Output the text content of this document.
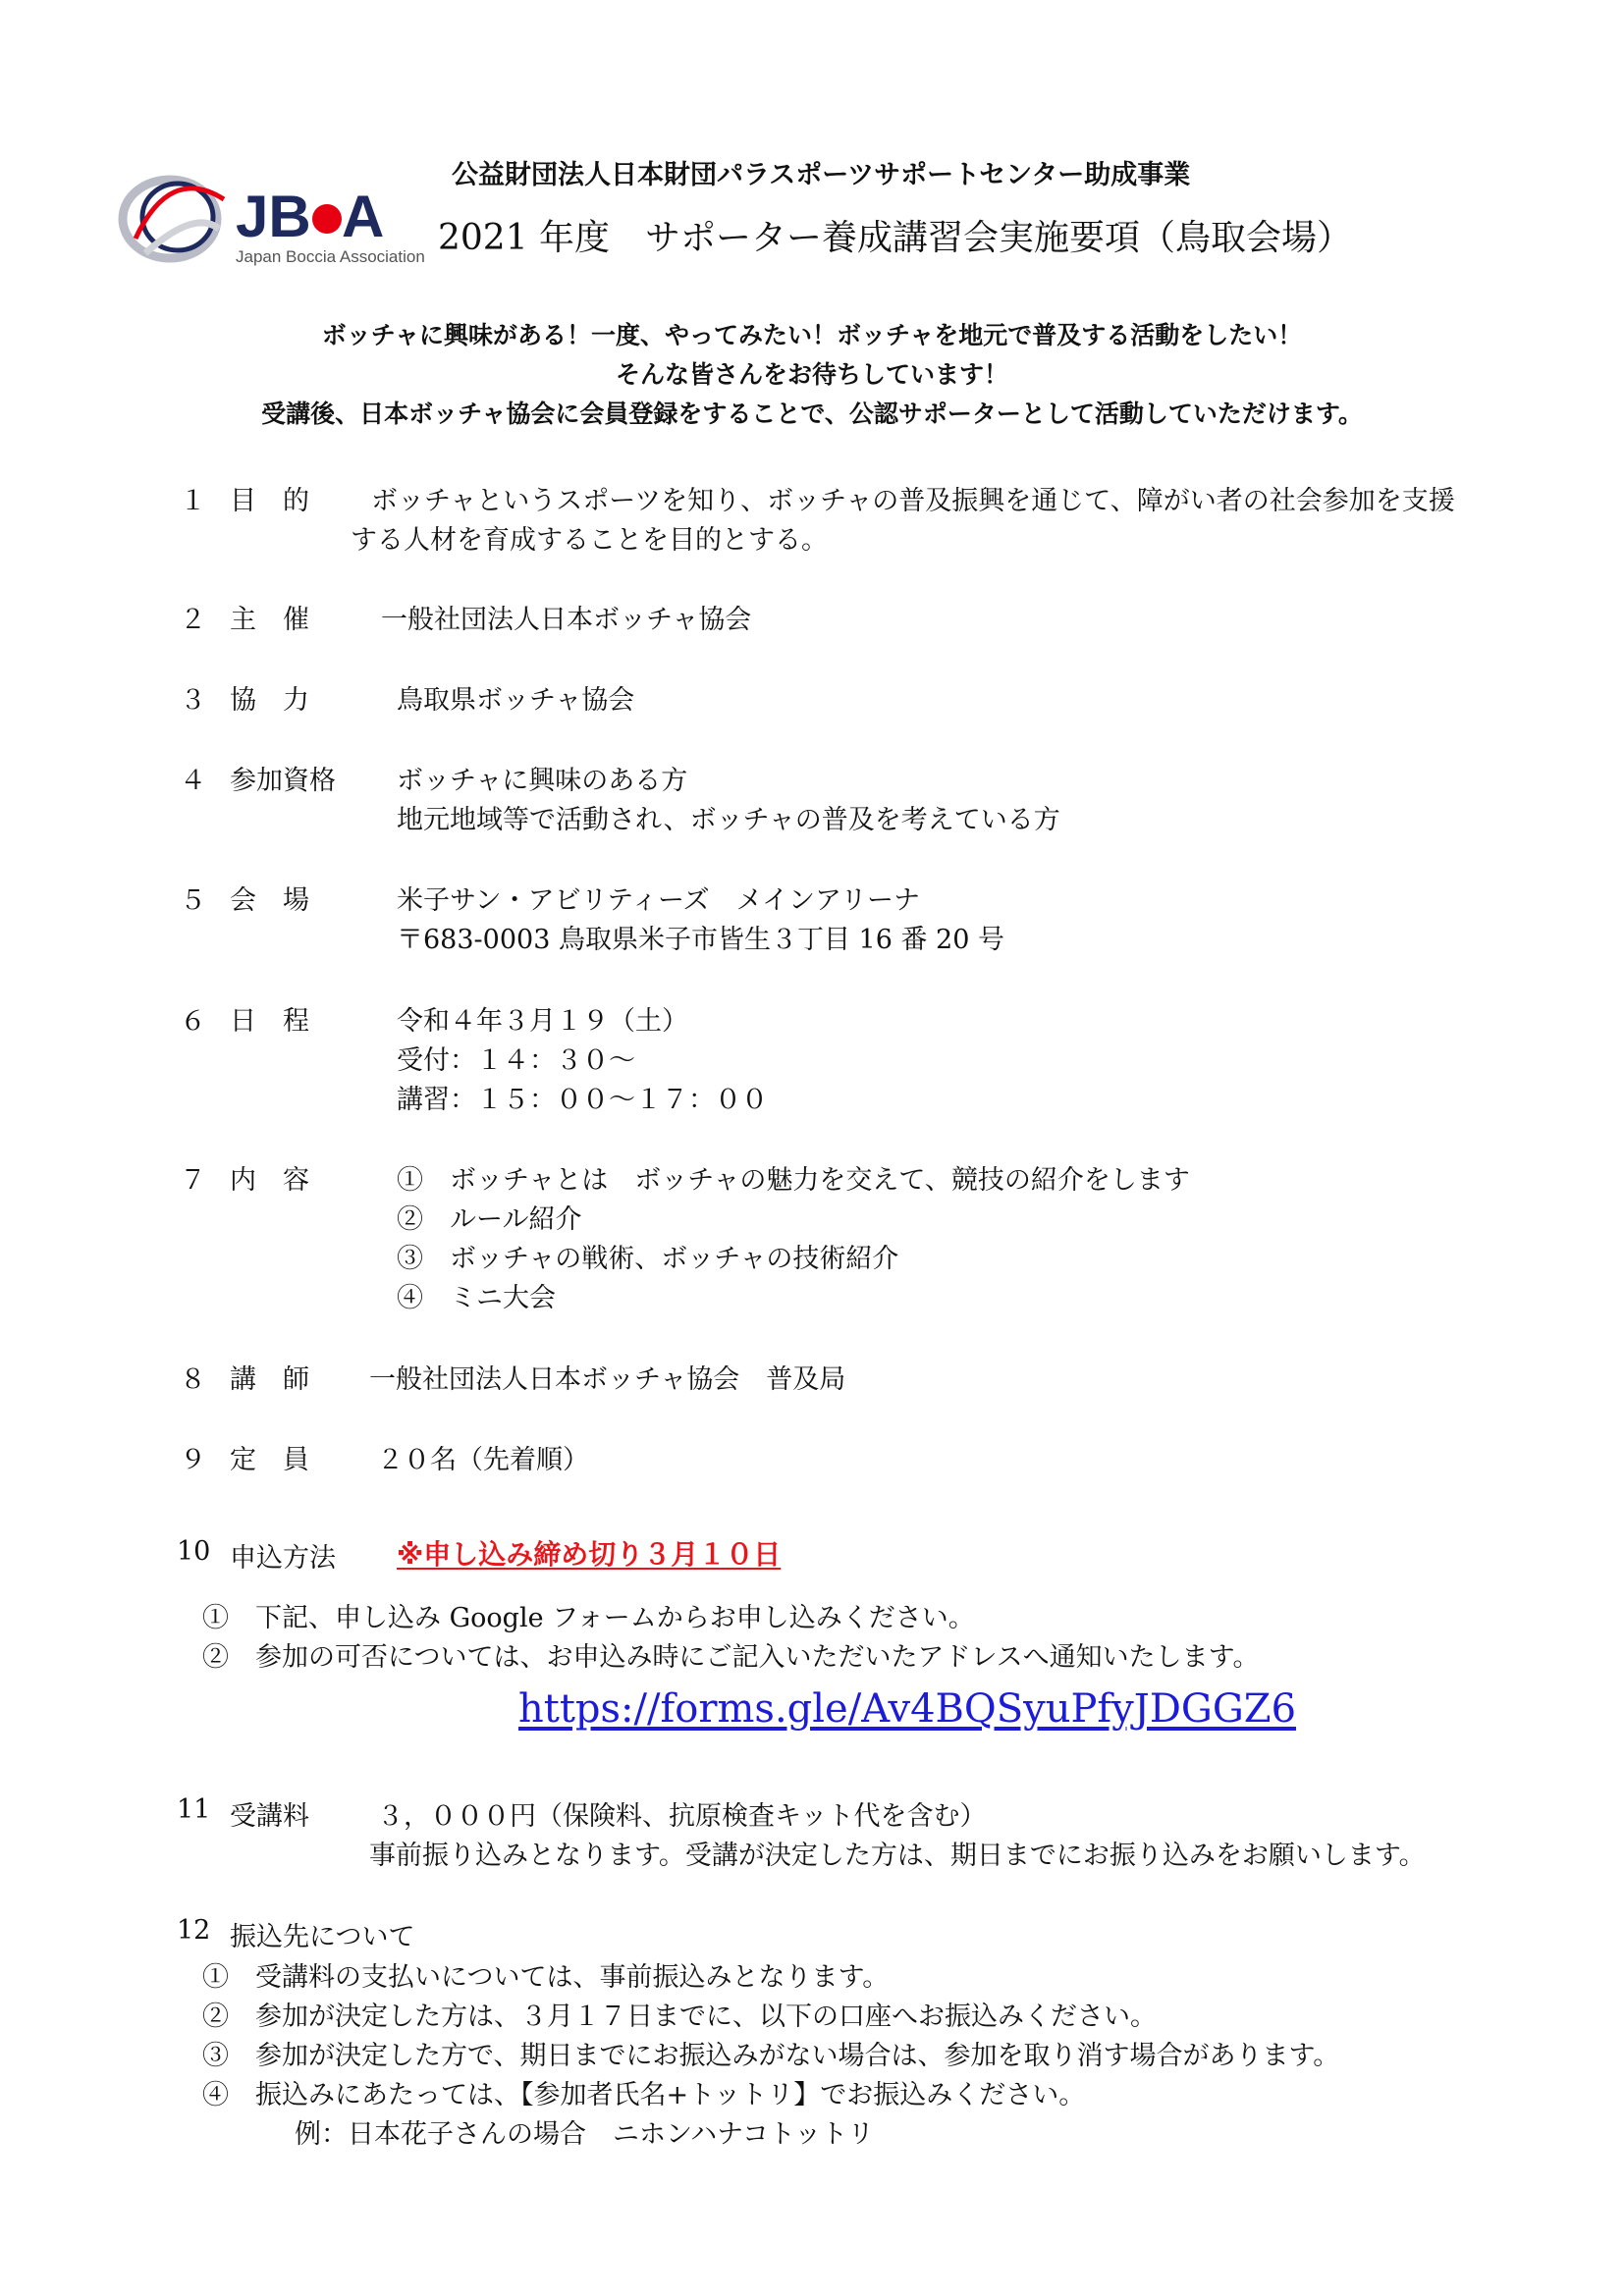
JB A
Japan Boccia Association
公益財団法人日本財団パラスポーツサポートセンター助成事業
2021 年度　サポーター養成講習会実施要項（鳥取会場）
ボッチャに興味がある！一度、やってみたい！ボッチャを地元で普及する活動をしたい！
そんな皆さんをお待ちしています！
受講後、日本ボッチャ協会に会員登録をすることで、公認サポーターとして活動していただけます。
１ 目　的 ボッチャというスポーツを知り、ボッチャの普及振興を通じて、障がい者の社会参加を支援
する人材を育成することを目的とする。
２ 主　催	一般社団法人日本ボッチャ協会
３ 協　力	鳥取県ボッチャ協会
４ 参加資格 ボッチャに興味のある方
地元地域等で活動され、ボッチャの普及を考えている方
５ 会　場	米子サン・アビリティーズ　メインアリーナ
〒683-0003 鳥取県米子市皆生３丁目 16 番 20 号
６ 日　程	令和４年３月１９（土）
受付：１４：３０～
講習：１５：００～１７：００
７ 内　容	①　ボッチャとは　ボッチャの魅力を交えて、競技の紹介をします
②　ルール紹介
③　ボッチャの戦術、ボッチャの技術紹介
④　ミニ大会
８ 講　師 一般社団法人日本ボッチャ協会　普及局
９ 定　員	２０名（先着順）
10 申込方法 ※申し込み締め切り３月１０日
①　下記、申し込み Google フォームからお申し込みください。
②　参加の可否については、お申込み時にご記入いただいたアドレスへ通知いたします。
https://forms.gle/Av4BQSyuPfyJDGGZ6
11 受講料	３，０００円（保険料、抗原検査キット代を含む）
事前振り込みとなります。受講が決定した方は、期日までにお振り込みをお願いします。
12 振込先について
①　受講料の支払いについては、事前振込みとなります。
②　参加が決定した方は、３月１７日までに、以下の口座へお振込みください。
③　参加が決定した方で、期日までにお振込みがない場合は、参加を取り消す場合があります。
④　振込みにあたっては、【参加者氏名+トットリ】でお振込みください。
例：日本花子さんの場合　ニホンハナコトットリ
